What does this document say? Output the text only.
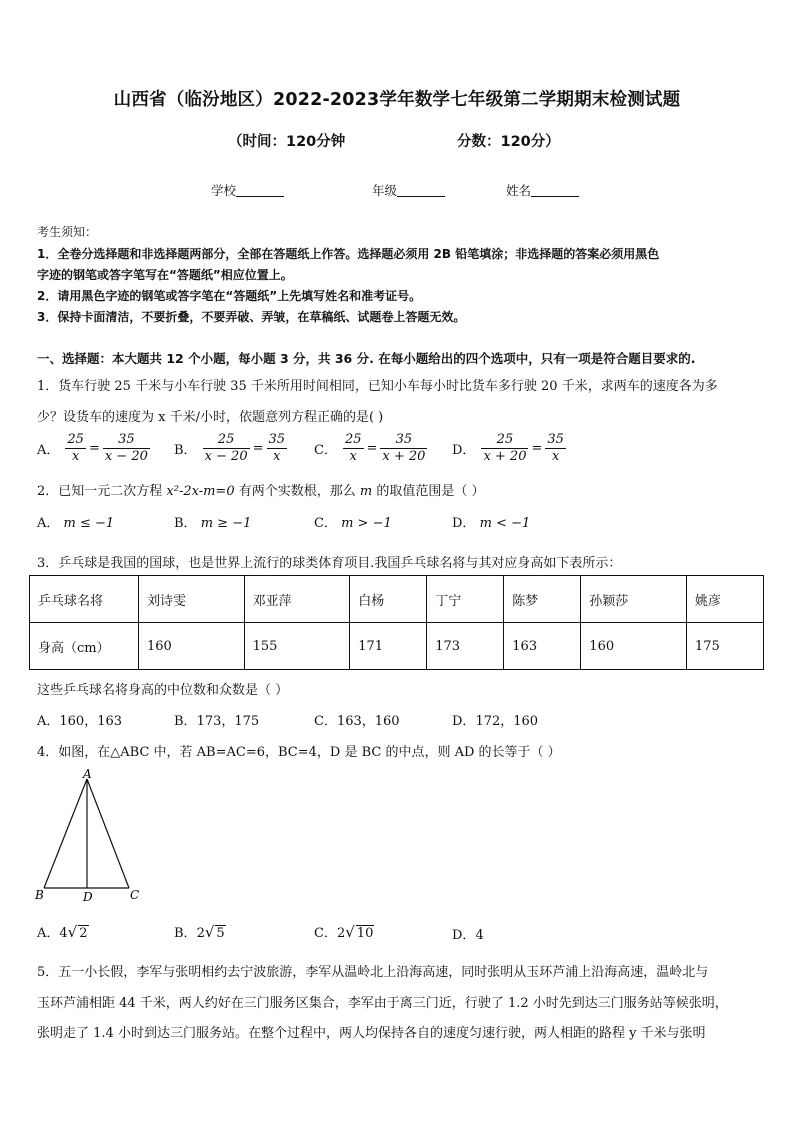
山西省（临汾地区）2022-2023学年数学七年级第二学期期末检测试题
（时间：120分钟	分数：120分）
学校	年级	姓名
考生须知：
1．全卷分选择题和非选择题两部分，全部在答题纸上作答。选择题必须用 2B 铅笔填涂；非选择题的答案必须用黑色
字迹的钢笔或答字笔写在“答题纸”相应位置上。
2．请用黑色字迹的钢笔或答字笔在“答题纸”上先填写姓名和准考证号。
3．保持卡面清洁，不要折叠，不要弄破、弄皱，在草稿纸、试题卷上答题无效。
一、选择题：本大题共 12 个小题，每小题 3 分，共 36 分. 在每小题给出的四个选项中，只有一项是符合题目要求的.
1．货车行驶 25 千米与小车行驶 35 千米所用时间相同，已知小车每小时比货车多行驶 20 千米，求两车的速度各为多
少？设货车的速度为 x 千米/小时，依题意列方程正确的是( )
A． $\frac{25}{x} = \frac{35}{x - 20}$ B． $\frac{25}{x - 20} = \frac{35}{x}$ C． $\frac{25}{x} = \frac{35}{x + 20}$ D． $\frac{25}{x + 20} = \frac{35}{x}$
2．已知一元二次方程 x²-2x-m=0 有两个实数根，那么 m 的取值范围是（ ）
A． m ≤ −1	B． m ≥ −1	C． m > −1	D． m < −1
3．乒乓球是我国的国球，也是世界上流行的球类体育项目.我国乒乓球名将与其对应身高如下表所示：
乒乓球名将	刘诗雯	邓亚萍	白杨	丁宁	陈梦	孙颖莎	姚彦
身高（cm）	160	155	171	173	163	160	175
这些乒乓球名将身高的中位数和众数是（ ）
A．160，163	B．173，175	C．163，160	D．172，160
4．如图，在△ABC 中，若 AB=AC=6，BC=4，D 是 BC 的中点，则 AD 的长等于（ ）
A
B	D	C
A．4√ 2	B．2√ 5	C．2√ 10	D．4
5．五一小长假，李军与张明相约去宁波旅游，李军从温岭北上沿海高速，同时张明从玉环芦浦上沿海高速，温岭北与
玉环芦浦相距 44 千米，两人约好在三门服务区集合，李军由于离三门近，行驶了 1.2 小时先到达三门服务站等候张明，
张明走了 1.4 小时到达三门服务站。在整个过程中，两人均保持各自的速度匀速行驶，两人相距的路程 y 千米与张明
